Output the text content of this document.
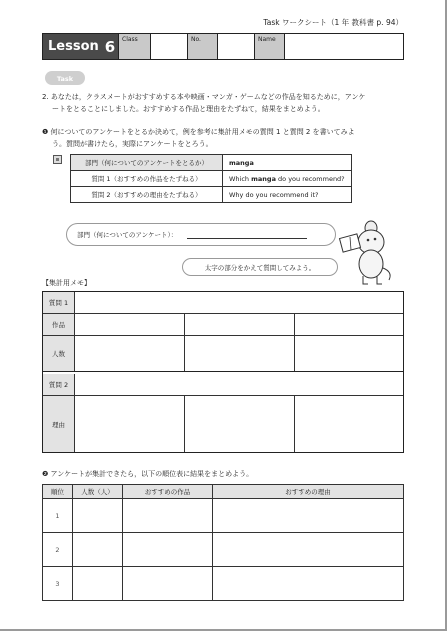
Task ワークシート（1 年 教科書 p. 94）
Lesson 6	Class	No.	Name
Task
2. あなたは，クラスメートがおすすめする本や映画・マンガ・ゲームなどの作品を知るために，アンケ
ートをとることにしました。おすすめする作品と理由をたずねて，結果をまとめよう。
❶ 何についてのアンケートをとるか決めて，例を参考に集計用メモの質問 1 と質問 2 を書いてみよ
う。質問が書けたら，実際にアンケートをとろう。
部門（何についてのアンケートをとるか）	manga
質問 1（おすすめの作品をたずねる）	Which manga do you recommend?
質問 2（おすすめの理由をたずねる）	Why do you recommend it?
部門（何についてのアンケート）：
太字の部分をかえて質問してみよう。
【集計用メモ】
質問 1
作品
人数
質問 2
理由
❷ アンケートが集計できたら，以下の順位表に結果をまとめよう。
順位	人数（人）	おすすめの作品	おすすめの理由
1			
2			
3			
